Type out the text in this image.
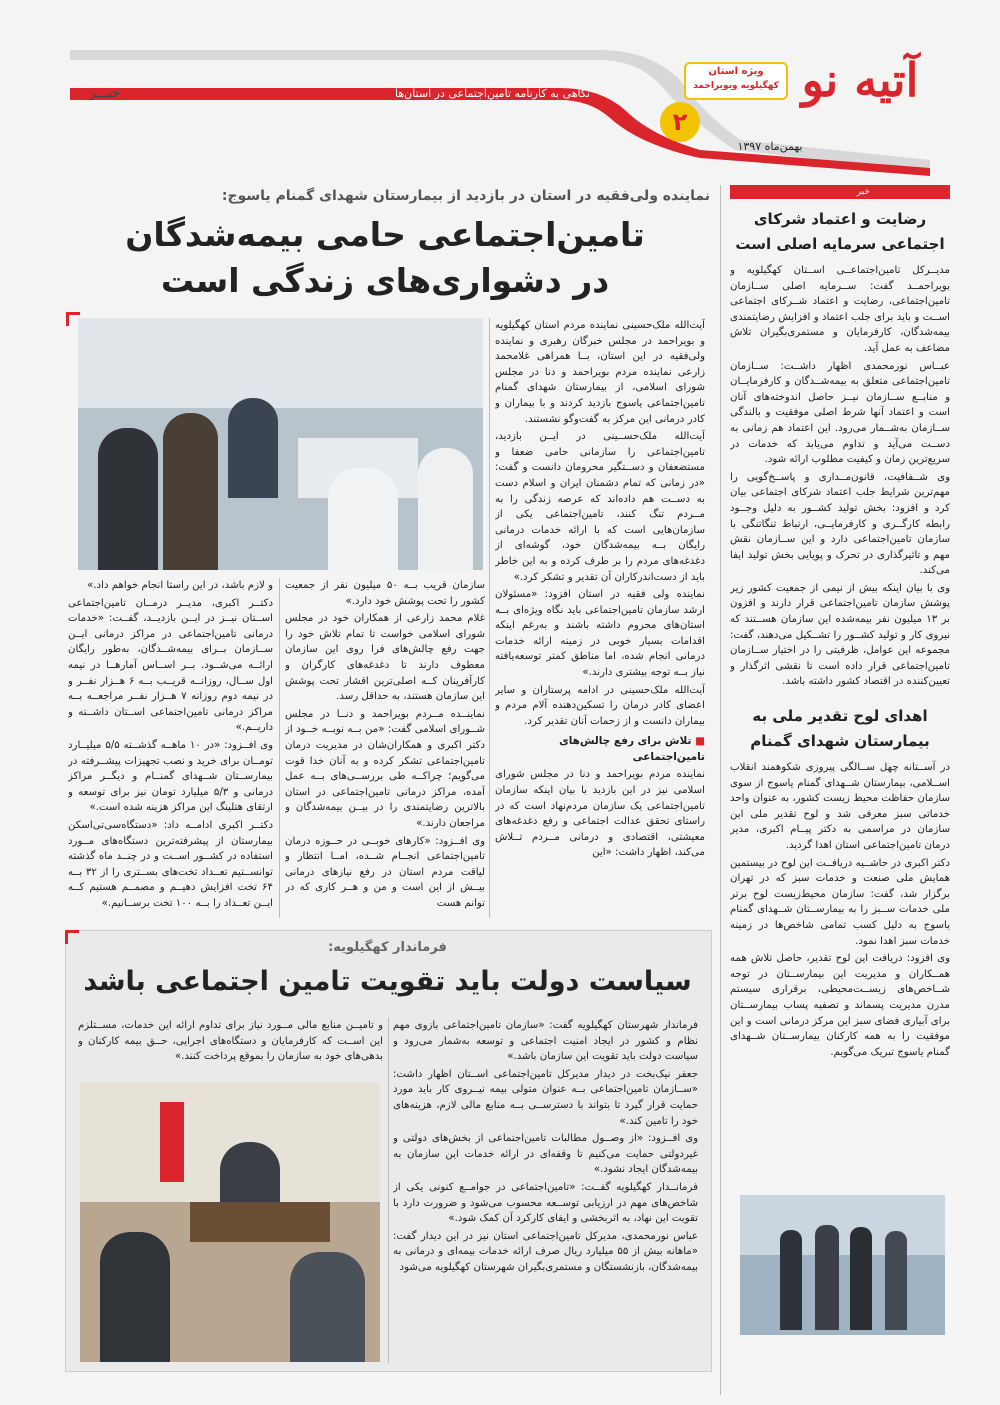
نگاهی به کارنامه تامین‌اجتماعی در استان‌ها
خبـــر	آتیه نو
ویژه استان
کهگیلویه وبویراحمد
۲
بهمن‌ماه ۱۳۹۷
خبر
رضایت و اعتماد شرکای اجتماعی سرمایه اصلی است

مدیــرکل تامین‌اجتماعــی اســتان کهگیلویه و بویراحمــد گفت: ســرمایه اصلی ســازمان تامین‌اجتماعی، رضایت و اعتماد شــرکای اجتماعی اســت و باید برای جلب اعتماد و افزایش رضایتمندی بیمه‌شدگان، کارفرمایان و مستمری‌بگیران تلاش مضاعف به عمل آید.

عبــاس نورمحمدی اظهار داشــت: ســازمان تامین‌اجتماعی متعلق به بیمه‌شــدگان و کارفرمایــان و منابــع ســازمان نیــز حاصل اندوخته‌های آنان است و اعتماد آنها شرط اصلی موفقیت و بالندگی ســازمان به‌شــمار می‌رود. این اعتماد هم زمانی به دســت می‌آید و تداوم می‌یابد که خدمات در سریع‌ترین زمان و کیفیت مطلوب ارائه شود.

وی شــفافیت، قانون‌مــداری و پاســخ‌گویی را مهم‌ترین شرایط جلب اعتماد شرکای اجتماعی بیان کرد و افزود: بخش تولید کشــور به دلیل وجــود رابطه کارگــری و کارفرمایــی، ارتباط تنگاتنگی با سازمان تامین‌اجتماعی دارد و این ســازمان نقش مهم و تاثیرگذاری در تحرک و پویایی بخش تولید ایفا می‌کند.

وی با بیان اینکه بیش از نیمی از جمعیت کشور زیر پوشش سازمان تامین‌اجتماعی قرار دارند و افزون بر ۱۳ میلیون نفر بیمه‌شده این سازمان هســتند که نیروی کار و تولید کشــور را تشــکیل می‌دهند، گفت: مجموعه این عوامل، ظرفیتی را در اختیار ســازمان تامین‌اجتماعی قرار داده است تا نقشی اثرگذار و تعیین‌کننده در اقتصاد کشور داشته باشد.

اهدای لوح تقدیر ملی به بیمارستان شهدای گمنام

در آســتانه چهل ســالگی پیروزی شکوهمند انقلاب اســلامی، بیمارستان شــهدای گمنام یاسوج از سوی سازمان حفاظت محیط زیست کشور، به عنوان واحد خدماتی سبز معرفی شد و لوح تقدیر ملی این سازمان در مراسمی به دکتر پیــام اکبری، مدیر درمان تامین‌اجتماعی استان اهدا گردید.

دکتر اکبری در حاشــیه دریافــت این لوح در بیستمین همایش ملی صنعت و خدمات سبز که در تهران برگزار شد، گفت: سازمان محیط‌زیست لوح برتر ملی خدمات ســبز را به بیمارســتان شــهدای گمنام یاسوج به دلیل کسب تمامی شاخص‌ها در زمینه خدمات سبز اهدا نمود.

وی افزود: دریافت این لوح تقدیر، حاصل تلاش همه همــکاران و مدیریت این بیمارســتان در توجه شــاخص‌های زیســت‌محیطی، برقراری سیستم مدرن مدیریت پسماند و تصفیه پساب بیمارســتان برای آبیاری فضای سبز این مرکز درمانی است و این موفقیت را به همه کارکنان بیمارســتان شــهدای گمنام یاسوج تبریک می‌گویم.

نماینده ولی‌فقیه در استان در بازدید از بیمارستان شهدای گمنام یاسوج:
تامین‌اجتماعی حامی بیمه‌شدگان
در دشواری‌های زندگی است

آیت‌الله ملک‌حسینی نماینده مردم استان کهگیلویه و بویراحمد در مجلس خبرگان رهبری و نماینده ولی‌فقیه در این استان، بــا همراهی غلامحمد زارعی نماینده مردم بویراحمد و دنا در مجلس شورای اسلامی، از بیمارستان شهدای گمنام تامین‌اجتماعی یاسوج بازدید کردند و با بیماران و کادر درمانی این مرکز به گفت‌وگو نشستند.

آیت‌الله ملک‌حســینی در ایــن بازدید، تامین‌اجتماعی را سازمانی حامی ضعفا و مستضعفان و دســتگیر محرومان دانست و گفت: «در زمانی که تمام دشمنان ایران و اسلام دست به دســت هم داده‌اند که عرصه زندگی را به مــردم تنگ کنند، تامین‌اجتماعی یکی از سازمان‌هایی است که با ارائه خدمات درمانی رایگان بــه بیمه‌شدگان خود، گوشه‌ای از دغدغه‌های مردم را بر طرف کرده و به این خاطر باید از دست‌اندرکاران آن تقدیر و تشکر کرد.»

نماینده ولی فقیه در استان افزود: «مسئولان ارشد سازمان تامین‌اجتماعی باید نگاه ویژه‌ای بــه استان‌های محروم داشته باشند و به‌رغم اینکه اقدامات بسیار خوبی در زمینه ارائه خدمات درمانی انجام شده، اما مناطق کمتر توسعه‌یافته نیاز بــه توجه بیشتری دارند.»

آیت‌الله ملک‌حسینی در ادامه پرستاران و سایر اعضای کادر درمان را تسکین‌دهنده آلام مردم و بیماران دانست و از زحمات آنان تقدیر کرد.

■ تلاش برای رفع چالش‌های تامین‌اجتماعی

نماینده مردم بویراحمد و دنا در مجلس شورای اسلامی نیز در این بازدید با بیان اینکه سازمان تامین‌اجتماعی یک سازمان مردم‌نهاد است که در راستای تحقق عدالت اجتماعی و رفع دغدغه‌های معیشتی، اقتصادی و درمانی مــردم تــلاش می‌کند، اظهار داشت: «این

سازمان قریب بــه ۵۰ میلیون نفر از جمعیت کشور را تحت پوشش خود دارد.»

غلام محمد زارعی از همکاران خود در مجلس شورای اسلامی خواست تا تمام تلاش خود را جهت رفع چالش‌های فرا روی این سازمان معطوف دارند تا دغدغه‌های کارگران و کارآفرینان کــه اصلی‌ترین اقشار تحت پوشش این سازمان هستند، به حداقل رسد.

نماینــده مــردم بویراحمد و دنــا در مجلس شــورای اسلامی گفت: «من بــه نوبــه خــود از دکتر اکبری و همکاران‌شان در مدیریت درمان تامین‌اجتماعی تشکر کرده و به آنان خدا قوت می‌گویم؛ چراکــه طی بررســی‌های بــه عمل آمده، مراکز درمانی تامین‌اجتماعی در استان بالاترین رضایتمندی را در بیــن بیمه‌شدگان و مراجعان دارند.»

وی افــزود: «کارهای خوبــی در حــوزه درمان تامین‌اجتماعی انجــام شــده، امــا انتظار و لیاقت مردم استان در رفع نیازهای درمانی بیــش از این است و من و هــر کاری که در توانم هست

و لازم باشد، در این راستا انجام خواهم داد.»

دکتــر اکبری، مدیــر درمــان تامین‌اجتماعی اســتان نیــز در ایــن بازدیــد، گفــت: «خدمات درمانی تامین‌اجتماعی در مراکز درمانی ایــن ســازمان بــرای بیمه‌شــدگان، به‌طور رایگان ارائــه می‌شــود. بــر اســاس آمارهــا در نیمه اول ســال، روزانــه قریــب بــه ۶ هــزار نفــر و در نیمه دوم روزانه ۷ هــزار نفــر مراجعــه بــه مراکز درمانی تامین‌اجتماعی اســتان داشــته و داریــم.»

وی افــزود: «در ۱۰ ماهــه گذشــته ۵/۵ میلیــارد تومــان برای خرید و نصب تجهیزات پیشــرفته در بیمارســتان شــهدای گمنــام و دیگــر مراکز درمانی و ۵/۳ میلیارد تومان نیز برای توسعه و ارتقای هتلینگ این مراکز هزینه شده است.»

دکتــر اکبری ادامــه داد: «دستگاه‌سی‌تی‌اسکن بیمارستان از پیشرفته‌ترین دستگاه‌های مــورد استفاده در کشــور اســت و در چنــد ماه گذشته توانســتیم تعــداد تخت‌های بســتری را از ۳۲ بــه ۶۴ تخت افزایش دهیــم و مصمــم هستیم کــه ایــن تعــداد را بــه ۱۰۰ تخت برســانیم.»

فرماندار کهگیلویه:
سیاست دولت باید تقویت تامین اجتماعی باشد

فرماندار شهرستان کهگیلویه گفت: «سازمان تامین‌اجتماعی بازوی مهم نظام و کشور در ایجاد امنیت اجتماعی و توسعه به‌شمار می‌رود و سیاست دولت باید تقویت این سازمان باشد.»

جعفر نیک‌بخت در دیدار مدیرکل تامین‌اجتماعی اســتان اظهار داشت: «ســازمان تامین‌اجتماعی بــه عنوان متولی بیمه نیــروی کار باید مورد حمایت قرار گیرد تا بتواند با دسترســی بــه منابع مالی لازم، هزینه‌های خود را تامین کند.»

وی افــزود: «از وصــول مطالبات تامین‌اجتماعی از بخش‌های دولتی و غیردولتی حمایت می‌کنیم تا وقفه‌ای در ارائه خدمات این سازمان به بیمه‌شدگان ایجاد نشود.»

فرمانــدار کهگیلویه گفــت: «تامین‌اجتماعی در جوامــع کنونی یکی از شاخص‌های مهم در ارزیابی توســعه محسوب می‌شود و ضرورت دارد با تقویت این نهاد، به اثربخشی و ایفای کارکرد آن کمک شود.»

عباس نورمحمدی، مدیرکل تامین‌اجتماعی استان نیز در این دیدار گفت: «ماهانه بیش از ۵۵ میلیارد ریال صرف ارائه خدمات بیمه‌ای و درمانی به بیمه‌شدگان، بازنشستگان و مستمری‌بگیران شهرستان کهگیلویه می‌شود

و تامیــن منابع مالی مــورد نیاز برای تداوم ارائه این خدمات، مســتلزم این اســت که کارفرمایان و دستگاه‌های اجرایی، حــق بیمه کارکنان و بدهی‌های خود به سازمان را بموقع پرداخت کنند.»
